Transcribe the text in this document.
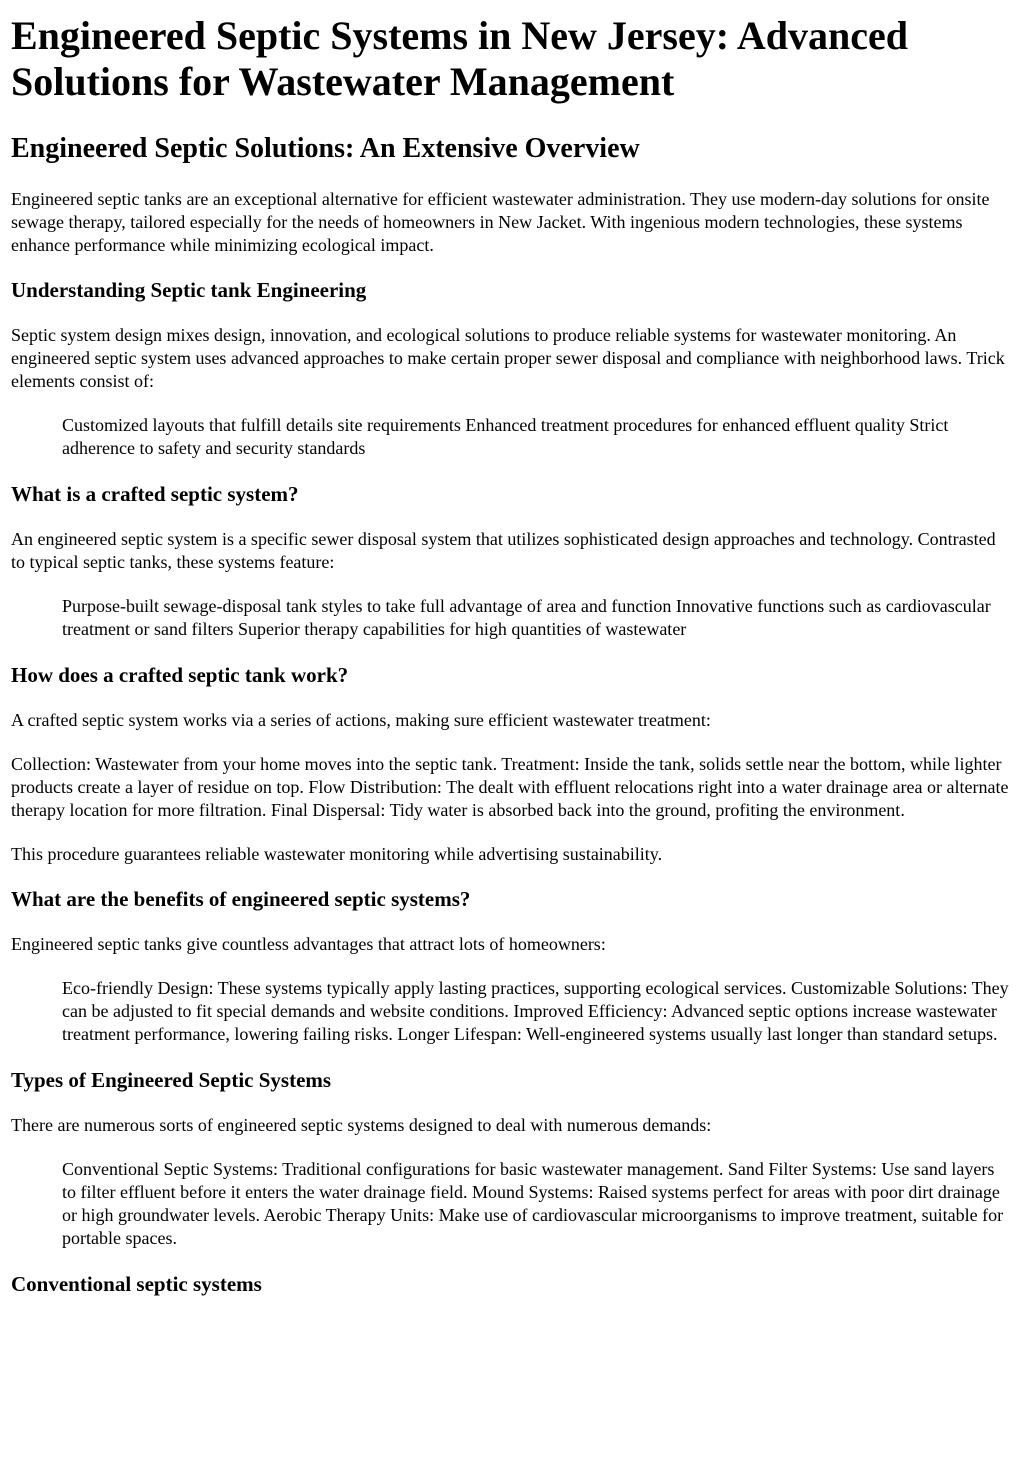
Engineered Septic Systems in New Jersey: Advanced Solutions for Wastewater Management
Engineered Septic Solutions: An Extensive Overview

Engineered septic tanks are an exceptional alternative for efficient wastewater administration. They use modern-day solutions for onsite sewage therapy, tailored especially for the needs of homeowners in New Jacket. With ingenious modern technologies, these systems enhance performance while minimizing ecological impact.

Understanding Septic tank Engineering

Septic system design mixes design, innovation, and ecological solutions to produce reliable systems for wastewater monitoring. An engineered septic system uses advanced approaches to make certain proper sewer disposal and compliance with neighborhood laws. Trick elements consist of:

Customized layouts that fulfill details site requirements Enhanced treatment procedures for enhanced effluent quality Strict adherence to safety and security standards
What is a crafted septic system?

An engineered septic system is a specific sewer disposal system that utilizes sophisticated design approaches and technology. Contrasted to typical septic tanks, these systems feature:

Purpose-built sewage-disposal tank styles to take full advantage of area and function Innovative functions such as cardiovascular treatment or sand filters Superior therapy capabilities for high quantities of wastewater
How does a crafted septic tank work?

A crafted septic system works via a series of actions, making sure efficient wastewater treatment:

Collection: Wastewater from your home moves into the septic tank. Treatment: Inside the tank, solids settle near the bottom, while lighter products create a layer of residue on top. Flow Distribution: The dealt with effluent relocations right into a water drainage area or alternate therapy location for more filtration. Final Dispersal: Tidy water is absorbed back into the ground, profiting the environment.

This procedure guarantees reliable wastewater monitoring while advertising sustainability.

What are the benefits of engineered septic systems?

Engineered septic tanks give countless advantages that attract lots of homeowners:

Eco-friendly Design: These systems typically apply lasting practices, supporting ecological services. Customizable Solutions: They can be adjusted to fit special demands and website conditions. Improved Efficiency: Advanced septic options increase wastewater treatment performance, lowering failing risks. Longer Lifespan: Well-engineered systems usually last longer than standard setups.
Types of Engineered Septic Systems

There are numerous sorts of engineered septic systems designed to deal with numerous demands:

Conventional Septic Systems: Traditional configurations for basic wastewater management. Sand Filter Systems: Use sand layers to filter effluent before it enters the water drainage field. Mound Systems: Raised systems perfect for areas with poor dirt drainage or high groundwater levels. Aerobic Therapy Units: Make use of cardiovascular microorganisms to improve treatment, suitable for portable spaces.
Conventional septic systems
